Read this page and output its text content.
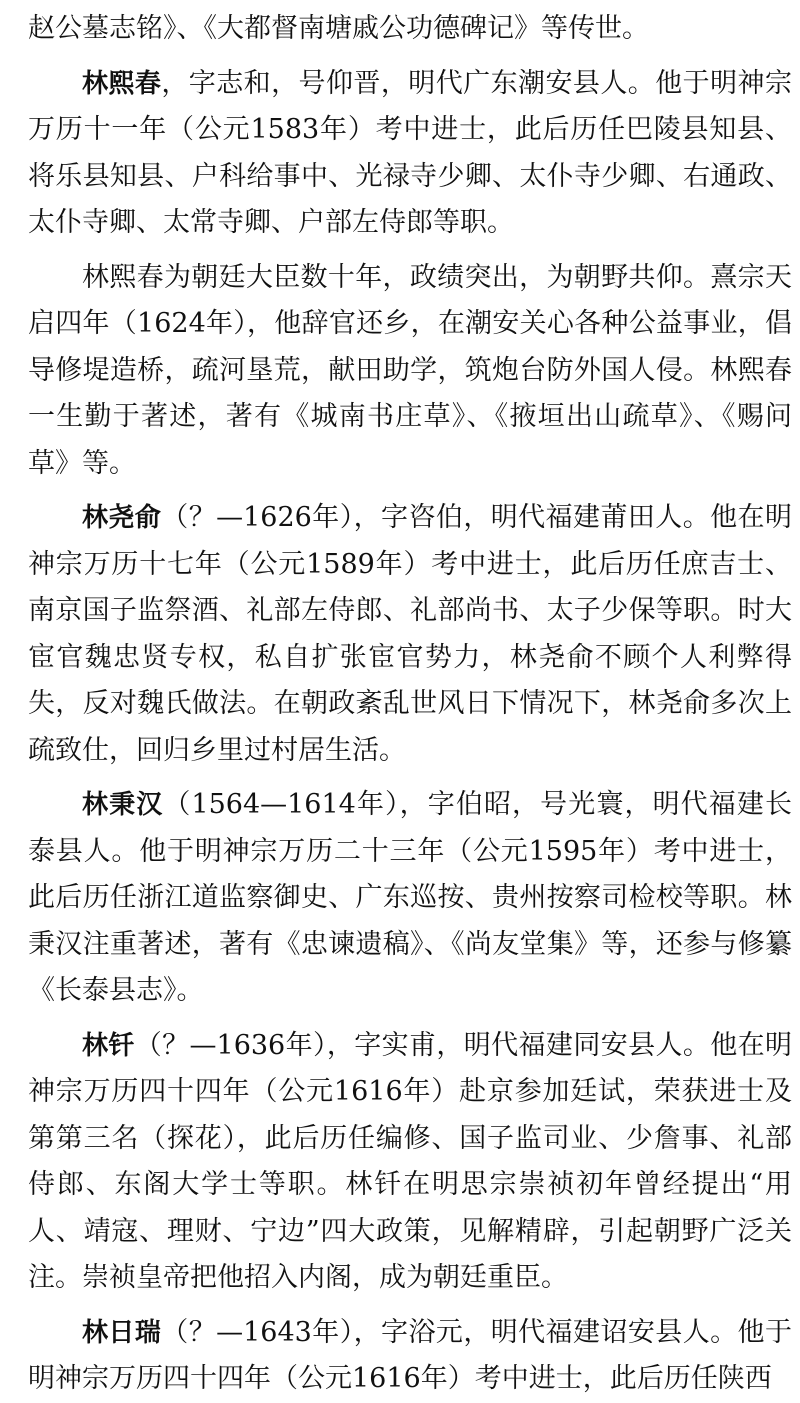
赵公墓志铭》、《大都督南塘戚公功德碑记》等传世。

林熙春，字志和，号仰晋，明代广东潮安县人。他于明神宗万历十一年（公元1583年）考中进士，此后历任巴陵县知县、将乐县知县、户科给事中、光禄寺少卿、太仆寺少卿、右通政、太仆寺卿、太常寺卿、户部左侍郎等职。

林熙春为朝廷大臣数十年，政绩突出，为朝野共仰。熹宗天启四年（1624年），他辞官还乡，在潮安关心各种公益事业，倡导修堤造桥，疏河垦荒，献田助学，筑炮台防外国人侵。林熙春一生勤于著述，著有《城南书庄草》、《掖垣出山疏草》、《赐问草》等。

林尧俞（？—1626年），字咨伯，明代福建莆田人。他在明神宗万历十七年（公元1589年）考中进士，此后历任庶吉士、南京国子监祭酒、礼部左侍郎、礼部尚书、太子少保等职。时大宦官魏忠贤专权，私自扩张宦官势力，林尧俞不顾个人利弊得失，反对魏氏做法。在朝政紊乱世风日下情况下，林尧俞多次上疏致仕，回归乡里过村居生活。

林秉汉（1564—1614年），字伯昭，号光寰，明代福建长泰县人。他于明神宗万历二十三年（公元1595年）考中进士，此后历任浙江道监察御史、广东巡按、贵州按察司检校等职。林秉汉注重著述，著有《忠谏遗稿》、《尚友堂集》等，还参与修纂《长泰县志》。

林钎（？—1636年），字实甫，明代福建同安县人。他在明神宗万历四十四年（公元1616年）赴京参加廷试，荣获进士及第第三名（探花），此后历任编修、国子监司业、少詹事、礼部侍郎、东阁大学士等职。林钎在明思宗崇祯初年曾经提出“用人、靖寇、理财、宁边”四大政策，见解精辟，引起朝野广泛关注。崇祯皇帝把他招入内阁，成为朝廷重臣。

林日瑞（？—1643年），字浴元，明代福建诏安县人。他于明神宗万历四十四年（公元1616年）考中进士，此后历任陕西
